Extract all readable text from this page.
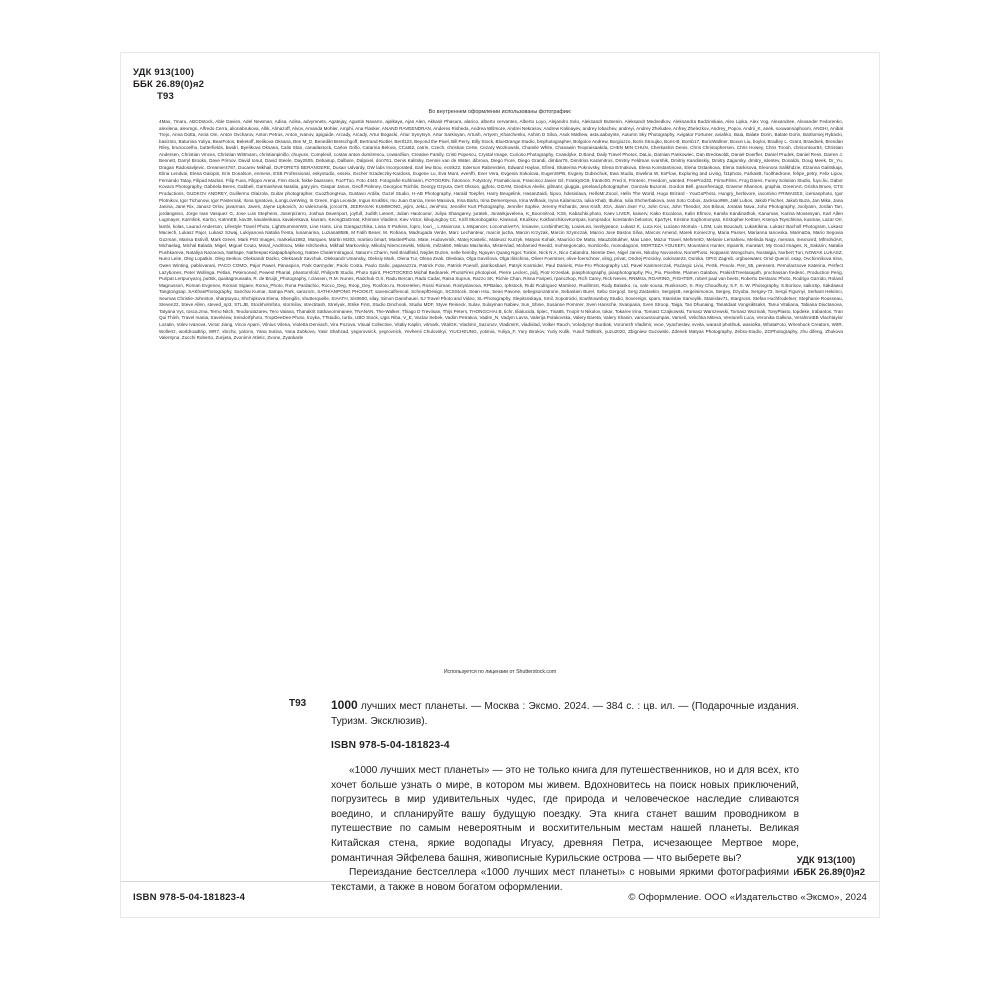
УДК 913(100)
ББК 26.89(0)я2
Т93
Во внутреннем оформлении использованы фотографии:
4Max, 7maru, ABCDstock, Able Davies, Adel Newman, Adisa, Adisa, advymnets, Agatejay, Agustin Navarro, ajalkaya, Ajan Alen, Akkasit Phasura, alarico, alberto cervantes, Alberto Loyo, Alejandro Solo, Aleksandr Butsenin, Aleksandr Medvedkov, Aleksandra Budzinskaia, Alex Lipka, Alex Vog, Alexandree, Alexander Fedorenko, alexilena, alexmgn, Alfredo Cerra, alionabrukova, Allik, Almazoff, Alvov, Amanda Mohler, Amphi, Ana Flasker, ANAND RAVEENDRAN, Anderes Risheda, Andrea Willmore, Andrei Nekrasov, Andrew Kalinayev, andrey lobachev, andreyi, Andrey Zheludev, Anfrey Zhelezkov, Andrey_Popov, Andrii_K, anek, soowannaphoom, ANGHI, Anibal Trejo, Anna Dotta, Anna Om, Anton Ovcharov, Anton Petrus, Anton_Ivanov, apiguide, Arcady, Arcady, Artur Bogacki, Artur Synytsyn, Artur Sarkisyan, Artush, Artyem_Kharchenko, Ashim D Silva, Asok Mathew, asta.aaboynte, Autumn Sky Photography, Avigator Fortuner, aviahko, Baia, Balate Dorin, Balate Dorin, Bartlomiej Rybacki, basizsto, Batunina Yuliya, BearFotos, Beketoff, Belikova Oksana, Ben M_D, Benedikt Bretschgoff, Bertrand Riotler, Bertl123, Beyond the Pixel, Bill Perry, Billy Stock, BlueOrange Studio, bmphotographer, Bolgolov Andrew, Borgiozzo, Boris Stroujko, Boris-B, Borsb17, BoricWallner, Boxun Liu, boyloi, Bradley L. Grant, Braedsek, Brendan Riley, brunocoelho, butterfields, bwidri, Byelikova Oksana, Calin Stan, canadastock, Carlos Grillo, Catarina Belova, CCat62, catrin, Czech, christian Certe, Cezary Wozkowski, Chamile White, Chanawin Teopraisaakda, CHEN MIN CHUN, Cherkashin Denis, Chris Christophersen, Chris Howey, Chris Tirooh, chrisontour84, Christian Andersen, Christian Vinces, Christian Wittmann, christianpinillo, chuyuss, Complexil, costas anton dumitrescu, cowardlion, Creative Family, Cristi Popescu, Crystal Image, Curioso.Photography, Cvandyke, D.Bond, Daily Travel Photos, DaLiu, Damian Pankowiec, Dan Breckwoldt, Daniel Doerfler, Daniel Prudek, Daniel Ress, Darren J. Bennett, Darryl Brooks, Dave Primov, David Ionut, David Steele, Day2505, Debairup, Dalbare, Dalpixel, don761, Denis Kalitsky, Dennis van de Water, dibrova, Diego Fiore, Diego Grandi, dimbar76, Dimitrios Karamitros, Dmitriy Feldman svarshik, Dmitriy Kandinskiy, Dmitry Zagursky, dmitry_islentev, Donaldo, Doug Meek, Dr_Yu, Dragan Radosavljevic, Dreamer4787, Ducarev Mikhail, DUFORETS BERANGERE, Dusan Udvardy, DW labs Incorporated, Earl lew Boo, ecstk22, Ederson Rabenstein, Edward Haylan, Efired, Ekaterina Pokrovsky, Elena Ermakova, Elena Konstantinova, Elena Ostankova, Elena Sarkisova, Eleonora Salikhdzie, Elzanna Galitskaja, Elina Lendvai, Elena Galopin, Erin Donalson, enmess, ESB Professional, eskystudio, esseix, Escher Szadeczky-Kardoss, Eugene Lu, Eva Mont, evenfh, Ever Vera, Evgenia Sokolova, EugenISPB, Evgeny Dubinchuk, Ewa Studio, Ewelina W, ExFlow, Exploring and Living, f11photo, FarkasB, foolthedrone, felipe_petry, Felix Lipov, Fernando Tatay, Filipad Mazlan, Filip Fuxa, Filippo Arena, Finn stock, fokke baarssen, FooTToo, Foto 4440, Fotografie Kuhlmann, FOTOGRIN, fotonnce, Fotystory, Framalicious, Francisco Javier Gil, FrankySG9, frantic00, Fred S, Frinteric, Freedom_wanted, FreeProd33, FrimuFilms, Frog Dares, Funny Solution Studio, fuyu.liu, Gabor Kovacs Photography, Gabriela Beres, Gabbeli, Garmasheva Natalia, gary.yim, Gaspar Janos, Geoff Pinkney, Georgios Tsichlis, Georgy Dzyura, Gert Olsson, ggfoto, GGAM, Giedrius Akelis, gilmanr, giuggia, gmeland.photographer, Gonzalo Buzonni, Gordon Bell, gracefrenag2, Graeme Shannon, graphia, GreenArt, Grisha Bruev, GTS Productions, GUDKOV ANDREY, Guillermo Olaizola, Guitar photographer, GuoZhongHua, Gustavo Ardila, Guzel Studio, H-AB Photography, Harald Toepfer, Harry Beugelink, HasanZaidi, hipoo, hdesislava, HelloMr.Zoool, Hello The World, Hugo Brizard - YouGoPhoto, Hungry_herbivore, iacomino FRIMAGES, icemanphoto, Igor Plotnikov, Igor Tichonow, Igor Pasternak, Ilona Ignatova, iLongLoveWing, In Green, Inga Leonide, Ingus Kruklitis, Inu Juan Garcia, Irene Masiova, Irina Barto, Irina Dementyeva, Irina Wilhauk, Iryna Kalamurza, Iuliia Khab, Ibulina, Iulia Shcherbakova, Ivan Soto Cobos, Jacksoo999, Jakl Lubos, Jakob Fischer, Jakub Buza, Jan Mika, Jana Janina, Jane Rix, Janusz Orlov, javarman, Javen, Jayne Lipkovich, Jo valenzuela, jcrcos78, JEERASAK KUMWONG, jejim, JekLi, JeniFoto, Jennifer Kurt Photography, Jennifer Sophie, Jeremy Richards, Jess Kraft, JGA, Jiann Jixer YU, John Crux, John Theodor, Jon Bilous, Joratas Nava, Joho Photography, Joolyann, Jordan Tan, jordangeiso, Jorge Ivan Vasquez G, Jose Luis Stephens, Joserpizarro, Joshua Davenport, joyfull, Judith Lienert, Julian Hautcoeur, Juliya Shangarey, juratek, Juratekjuvelena, K_Boonnitrod, K3S, Kabachki.photo, Kaev LIVER, kaiserv, Kako Escalona, Kalin Efimov, Kamila Kandinathok, Kanuman, Karina Movsesyan, Karl Allen Lugmayer, Karmlink, KarGo, KatrinEB, kav39, kavalenkava, kavalenkava, kavram, KeongDaGreat, Khirman Vladimir, Kiev Victor, kikujungboy CC, Kirill Skorobogatko, Kiwisoul, KKulikov, KokhanchikovKompas, komprador, konstantin belovtov, KpaTyH, Kristine Soghomonyan, Kristopher Kettner, Ksenya Tsyschkina, kusmav, Lazar Orr, lambi, kolas, Laurud Anderson, Lifestyle Travel Photo, LightSummerWS, Line Haris, Lino Garaguzzhika, Lissa S Parkins, lopro, louri_, L.Maiorcan, L.Mspancer, LocomotiveTA, lcsiavee, LcsbintheCity, LouieLea, lovelypeace, Lukasz K, Luca Kei, Luciano Mortula - LGM, Luis Boucault, LukaKikina, Lukasz Bacholl Photogram, Lukasz Maciech, Lukasz Pajor, Lukasz Szwaj, Lukiyanova Natalia frenta, lunamarina, Luziana8586, M Fatih Beser, M. Rohana, Madrugada Verde, Marc Lechanteur, marcin jucha, Marcin Krzyzak, Marcin Szymczak, Marcio Jose Bastos Silva, Marcos Amend, Marek Konieczny, Maria Passer, Marianna Ianovska, MarinaDa, Mario Segovia Guzman, Marisa Estivill, Mark Green, Mark Pritt Images, markelia1982, Marques, Martin M303, martino bmart, MasterPhoto, Mate, Hudovernik, Matej Kastelic, Mateusz Kurzyk, Matyas Kohak, Mauricio De Matto, MauZobtukher, Max Lane, Mazur Travel, MehmetO, Melanie Lemahieu, Melinda Nagy, menara, mexrunrd, MfmohdArt, Michaelag, Michal Balada, Migel, Miguel Couto, Minal_Andritsou, Mike Ishchenko, Mikhail Markovskiy, Mikolaj Niemczewski, Milonk, milzak50, Miksas Mazlanka, Mistervlad, Mohamed Reedd, mohsegoncalo, monticello, monodagoon, MORTEZA YOUSEFI, Mountains Hunter, mpanriti, muratart, My Good Images, N_Sakarin, Natalia Pushkareva, Nataliya Nazarova, Nathape, Natheepat Kiatpaphaphong, Nattee Chalermtiragool, Nature's Charm, Neil Bradfield, Nejdet Duzen, nelle heimby, Nguyen Quang Ngoc Tonkin, Nick N A, Nico Calandra, Nientie Dee, Nigel Jarvis, Nikolay Novoselov, NonnPhoto, Noppasin Wongchum, Nostalgia, Norbert Turi, NOWAK LUKASZ, Nuno Leite, Oleg Lopatkin, Oleg Senkov, Oleksandr Dazko, Oleksandr Savchuk, Oleksandr Umansky, Oleksiy Mark, Olena Tur, Olena Znak, Oleskaia, Olga Gavrilova, Olga Ilinichina, Oliver Foerstner, olive-foerschner, oling, privat, Ondrej Prosicky, ookinate23, Oomka, OPIG Zagreb, orgbuewater, Oriol Querol, osap, Ovchinnikova Irina, Owen Winting, pablovarani, PACO COMO, Pajor Pawel, Panaspics, Park Garmyder, Paolo Costa, Paolo Gallo, paparazzza, Patrick Foto, Patrick Poendl, patrikosbael, Patryk Kosmider, Paul Daniels, Pav-Pro Photography Ltd, Pavel Kammerczak, Pazargic Liviu, PeSk, Pexolo, Pen_85, peresent, Pemolactsove Katerina, Perfect Lazybones, Peter Wollinga, Petlan, Petersoned, Pewest Pharial, phantomfold, PhilipVB Studio, Photo Spirit, PHOTOCREO Michal Bednarek, PhotoFires photopixel, Pierre Leclerc, pidj, Piotr Krzeslak, piasphotography, piasphotography, Piu_Piu, PixelMe, Plamen Galabov, PrakishTreetasajuth, prochassan frederic, Production Perig, Puripat Lertpunyaroj, puttsk, quaitagmusaala, R. de Bruijn_Photography, r.classen, R.M. Nunes, Radchuk O.S, Radu Bercan, Radu Cadar, Raisa Suprun, Razzo SK, Richie Chan, Risna Faripeti, rpanczkop, Rich Carey, Rick Neves, RNMitra, ROARING_FIGHTER, robert paul van beets, Roberto Destarac Photo, Rodrigo Garrido, Roland Magnusson, Roman Evgenev, Roman Sigaev, Roma_Photo, Rona Pardachio, Rocco_Deg, Roop_Dey, Rosfoto.ru, RossHelen, Rossi Roman, Rostyslavova, RPBalao, rphstock, Rubi Rodriguez Martinez, Rudilmrst, Rudy Balasko, ru, vale sousa, RuskosoO, S. Roy Choudhury, S.F, S. W. Photography, S.Borisov, saikoSp, Sakdawut Tangtongsap, SAKhanPhotography, Sanchai Kumar, Sampa Park, sarazorn, SATHIANPONG PHOOKIT, savenicalfrencal, SchnepfDesign, SCSStock, Sean Hsu, Sean Pavone, sebegsonzatrone, Sebastien Burel, Sebo Gergoyl, Serg Zastavkin, SergejsB, sergeisimonov, Sergey, Dzyuba, Sergey-73, Sergii Figurnyi, Serkant Hekimci, Seumas Christie-Johnston, sharptoyou, Shchipkova Elena, Shengilis, shutterquelle, SIAATH, Sis0600, silay, Simon Dannhauer, SJ Travel Photo and Video, SL-Photography, Slepitssskaya, Smil, Sopotnicki, Southtownboy Studio, Sovereign, spam, Stanislav Samoylik, Stanislav71, Stargross, Stefan Hochfrodelner, Stephanie Rousseau, Steven22, Steve Allen, steved_np3, STLJB, Stockholmfoto, stormilov, strectitash, Strelyuk, Strike First, Studio Dinchook, Studio MDF, Styve Reineck, Sulav, Sulayman Nabiev, Sun_Shine, Susanne Pommer, Sven Hansche, Svanparia, Sven Stroop, Taiga, Tan Dhunaing, Tanatdaat Vongsiktsakn, Tanui Vitaliana, Tabiana Diuctanova, Tatyana Vyc, tosca.zma, Terno Nitch, Teodorulazarev, Tero Vaiana, Thanakrit Sathavornmanee, TNANAN, The-Walker, Thiago D Treviisan, Thijs Peters, THONGCHAI.B, tichr, tilialucida, tiplec, Tisa85, Tnopir N Nikolov, tokar, Tokarev Irina, Tomasz Czajkowski, Tomasz Warszewski, Tomasz Wozniak, TonyPlasto, topdeke, trabantos, Tran Qui Thinh, Travel mania, travelview, treisdorfphoto, TropDeeDee Photo, troyka, TTstudio, turtix, UBO Stock, Ugis Riba, V_E, Vaclav Sebek, Vadim Petrakov, Vadim_N, Vadym Lavra, Valerija Polakovska, Valery Bareta, Valery Shanin, vanioussoumpas, Varnell, Velichka Miteva, Venturelli Luca, Veronika Galkina, VerahinnBB Vlachtaylor Lozatin, Volev Ivanova, Victor Jiang, Vicov Aparri, Vilnius Vilena, Violetta Derviach, Vira Pozova, Visual Collective, Vitaliy Kaplin, vitmark, VitalGK, Vladimir_Sazonov, VladimirK, vladislad, Volker Rauch, Volodymyr Burdiak, Voronezh Vladimir, vvoe, Vyacheslav, vvvita, warasit photihuk, wasiolka, WhataFoto, Wireshock Creators, WitR, Wollertz, worldroadtrip, WR7, xbrchx, yalcins, Yana Sutina, Yana Zubkova, Yasir Shahzad, yegorovnick, yegrovnick, Yevhenii Chulovskyi, YIUCHEUNG, yotimia, Yuliya_F, Yury Birukov, Yuriy Kulik, Yusuf Tatlitürk, yuzu2020, Zbigniew Guzowski, Zdenek Matyas Photography, Zebra-Studio, ZGPhotography, zhu difeng, Zhukova Valentyna, Zocchi Roberto, Zurijeta, Zvonimir Atletic, Zvone, Zyankarle
Используется по лицензии от Shutterstock.com
Т93 1000 лучших мест планеты. — Москва : Эксмо. 2024. — 384 с. : цв. ил. — (Подарочные издания. Туризм. Эксклюзив).
ISBN 978-5-04-181823-4

«1000 лучших мест планеты» — это не только книга для путешественников, но и для всех, кто хочет больше узнать о мире, в котором мы живем. Вдохновитесь на поиск новых приключений, погрузитесь в мир удивительных чудес, где природа и человеческое наследие сливаются воедино, и спланируйте вашу будущую поездку. Эта книга станет вашим проводником в путешествие по самым невероятным и восхитительным местам нашей планеты. Великая Китайская стена, яркие водопады Игуасу, древняя Петра, исчезающее Мертвое море, романтичная Эйфелева башня, живописные Курильские острова — что выберете вы?

Переиздание бестселлера «1000 лучших мест планеты» с новыми яркими фотографиями и текстами, а также в новом богатом оформлении.

УДК 913(100)
ББК 26.89(0)я2
ISBN 978-5-04-181823-4	© Оформление. ООО «Издательство «Эксмо», 2024
